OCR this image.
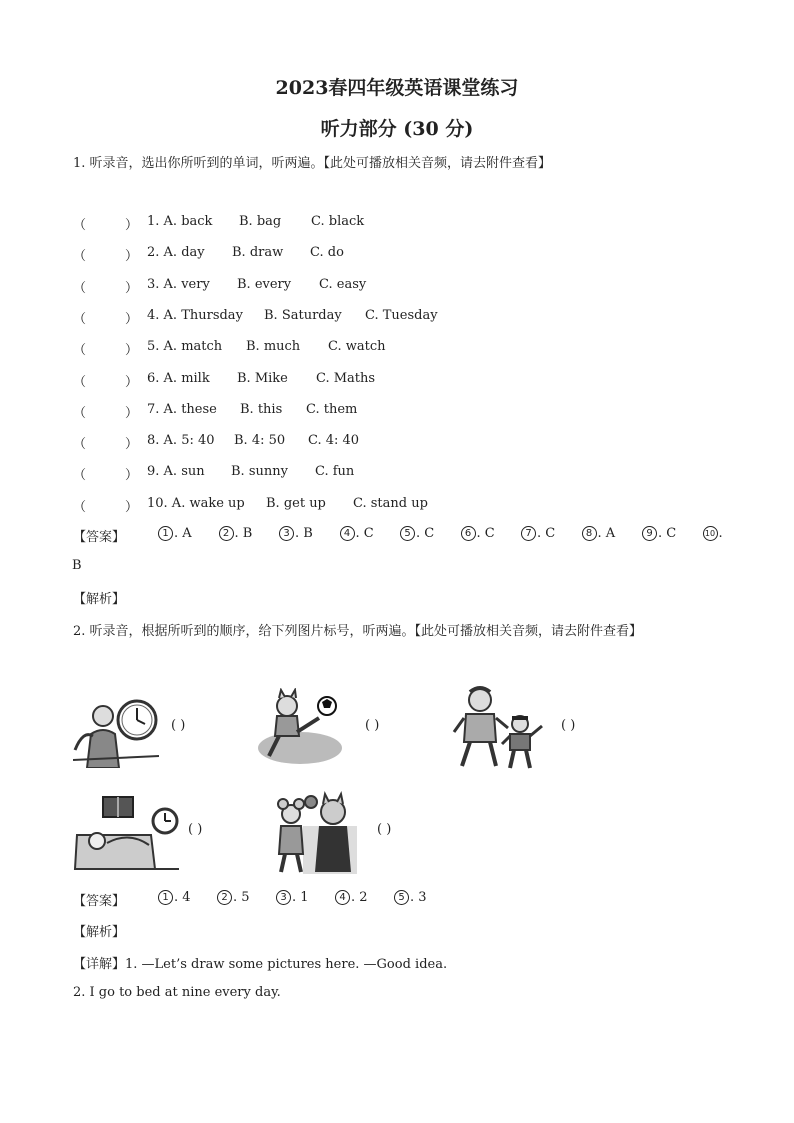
2023春四年级英语课堂练习
听力部分 (30 分)
1. 听录音，选出你所听到的单词，听两遍。【此处可播放相关音频，请去附件查看】
（	） 1. A. back B. bag C. black
（	） 2. A. day B. draw C. do
（	） 3. A. very B. every C. easy
（	） 4. A. Thursday B. Saturday C. Tuesday
（	） 5. A. match B. much C. watch
（	） 6. A. milk B. Mike C. Maths
（	） 7. A. these B. this C. them
（	） 8. A. 5: 40 B. 4: 50 C. 4: 40
（	） 9. A. sun B. sunny C. fun
（	） 10. A. wake up B. get up C. stand up
【答案】	1 . A	2 . B	3 . B	4 . C	5 . C	6 . C	7 . C	8 . A	9 . C	10 .
B
【解析】
2. 听录音，根据所听到的顺序，给下列图片标号，听两遍。【此处可播放相关音频，请去附件查看】
( )	( )	( )
( )	( )
【答案】	1 . 4	2 . 5	3 . 1	4 . 2	5 . 3
【解析】
【详解】1. —Let’s draw some pictures here. —Good idea.
2. I go to bed at nine every day.
